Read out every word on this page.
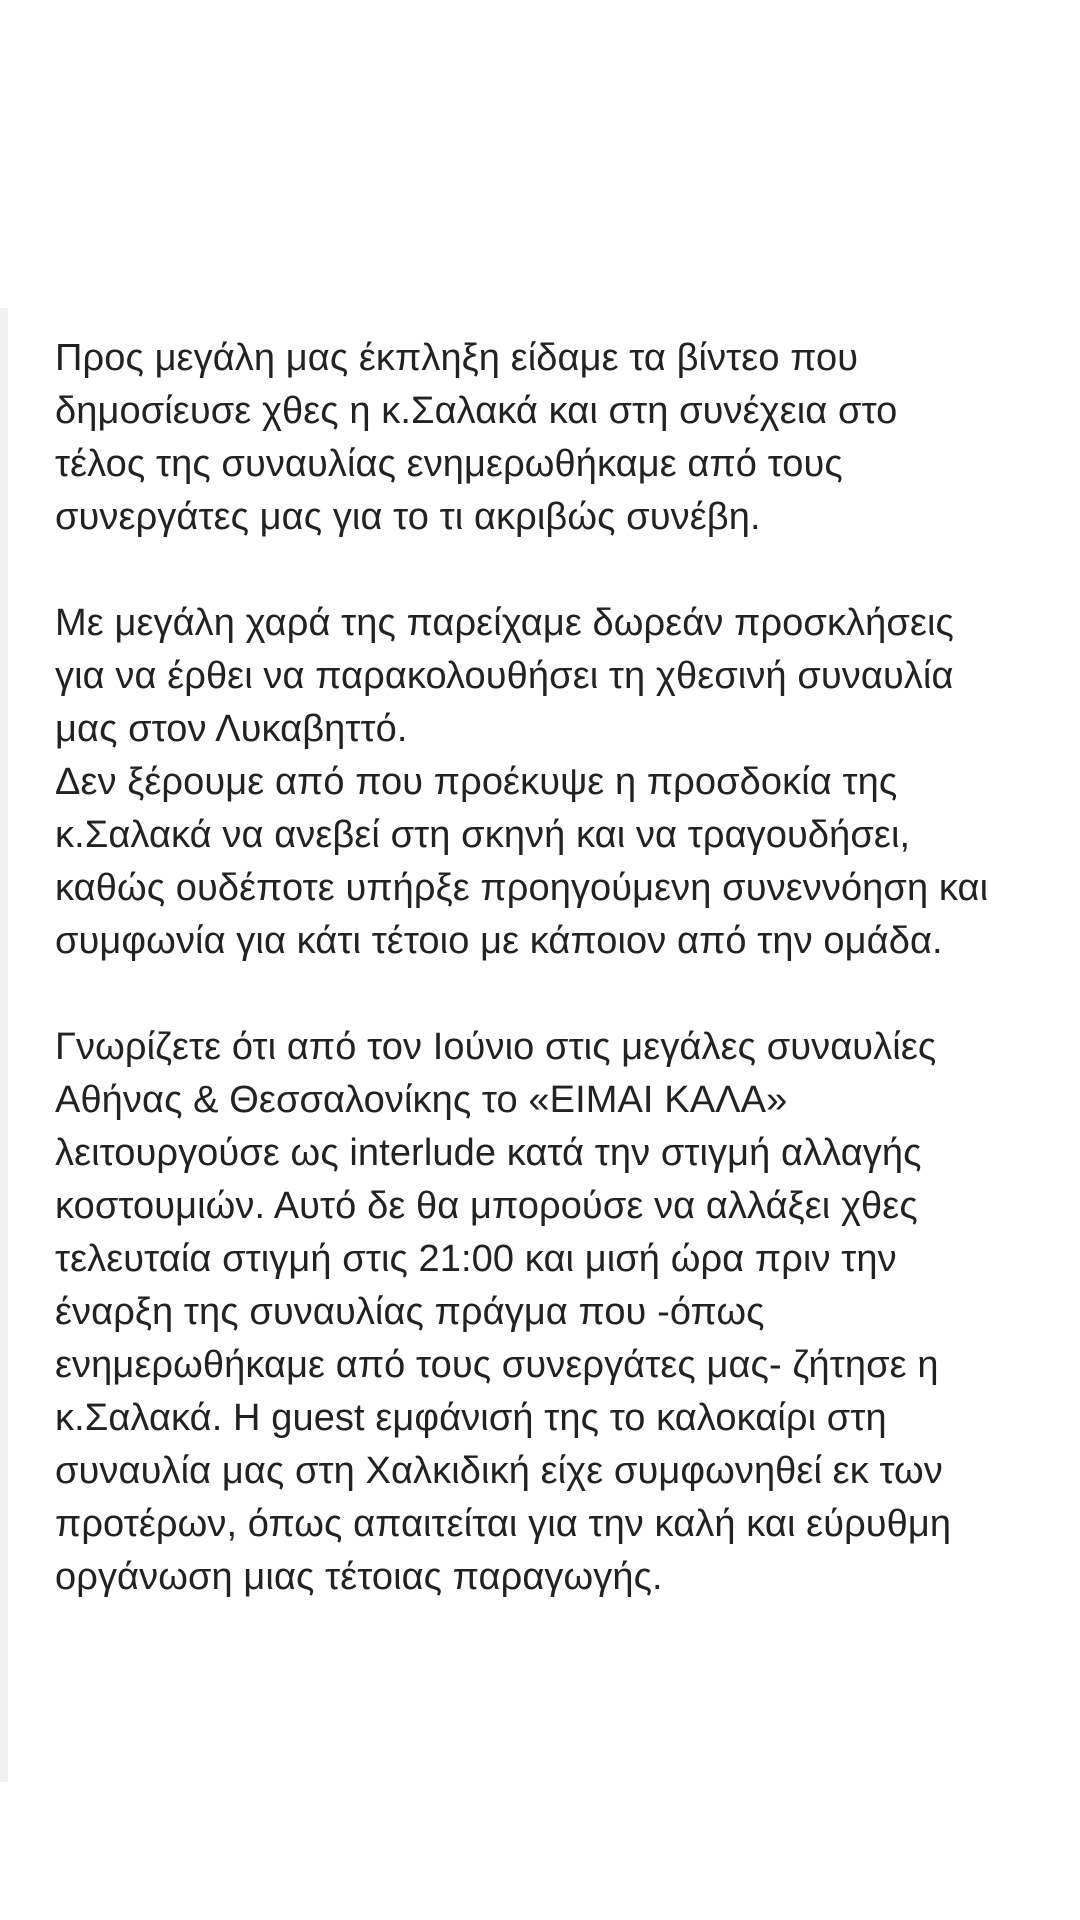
Προς μεγάλη μας έκπληξη είδαμε τα βίντεο που
δημοσίευσε χθες η κ.Σαλακά και στη συνέχεια στο
τέλος της συναυλίας ενημερωθήκαμε από τους
συνεργάτες μας για το τι ακριβώς συνέβη.
Με μεγάλη χαρά της παρείχαμε δωρεάν προσκλήσεις
για να έρθει να παρακολουθήσει τη χθεσινή συναυλία
μας στον Λυκαβηττό.
Δεν ξέρουμε από που προέκυψε η προσδοκία της
κ.Σαλακά να ανεβεί στη σκηνή και να τραγουδήσει,
καθώς ουδέποτε υπήρξε προηγούμενη συνεννόηση και
συμφωνία για κάτι τέτοιο με κάποιον από την ομάδα.
Γνωρίζετε ότι από τον Ιούνιο στις μεγάλες συναυλίες
Αθήνας & Θεσσαλονίκης το «ΕΙΜΑΙ ΚΑΛΑ»
λειτουργούσε ως interlude κατά την στιγμή αλλαγής
κοστουμιών. Αυτό δε θα μπορούσε να αλλάξει χθες
τελευταία στιγμή στις 21:00 και μισή ώρα πριν την
έναρξη της συναυλίας πράγμα που -όπως
ενημερωθήκαμε από τους συνεργάτες μας- ζήτησε η
κ.Σαλακά. Η guest εμφάνισή της το καλοκαίρι στη
συναυλία μας στη Χαλκιδική είχε συμφωνηθεί εκ των
προτέρων, όπως απαιτείται για την καλή και εύρυθμη
οργάνωση μιας τέτοιας παραγωγής.
